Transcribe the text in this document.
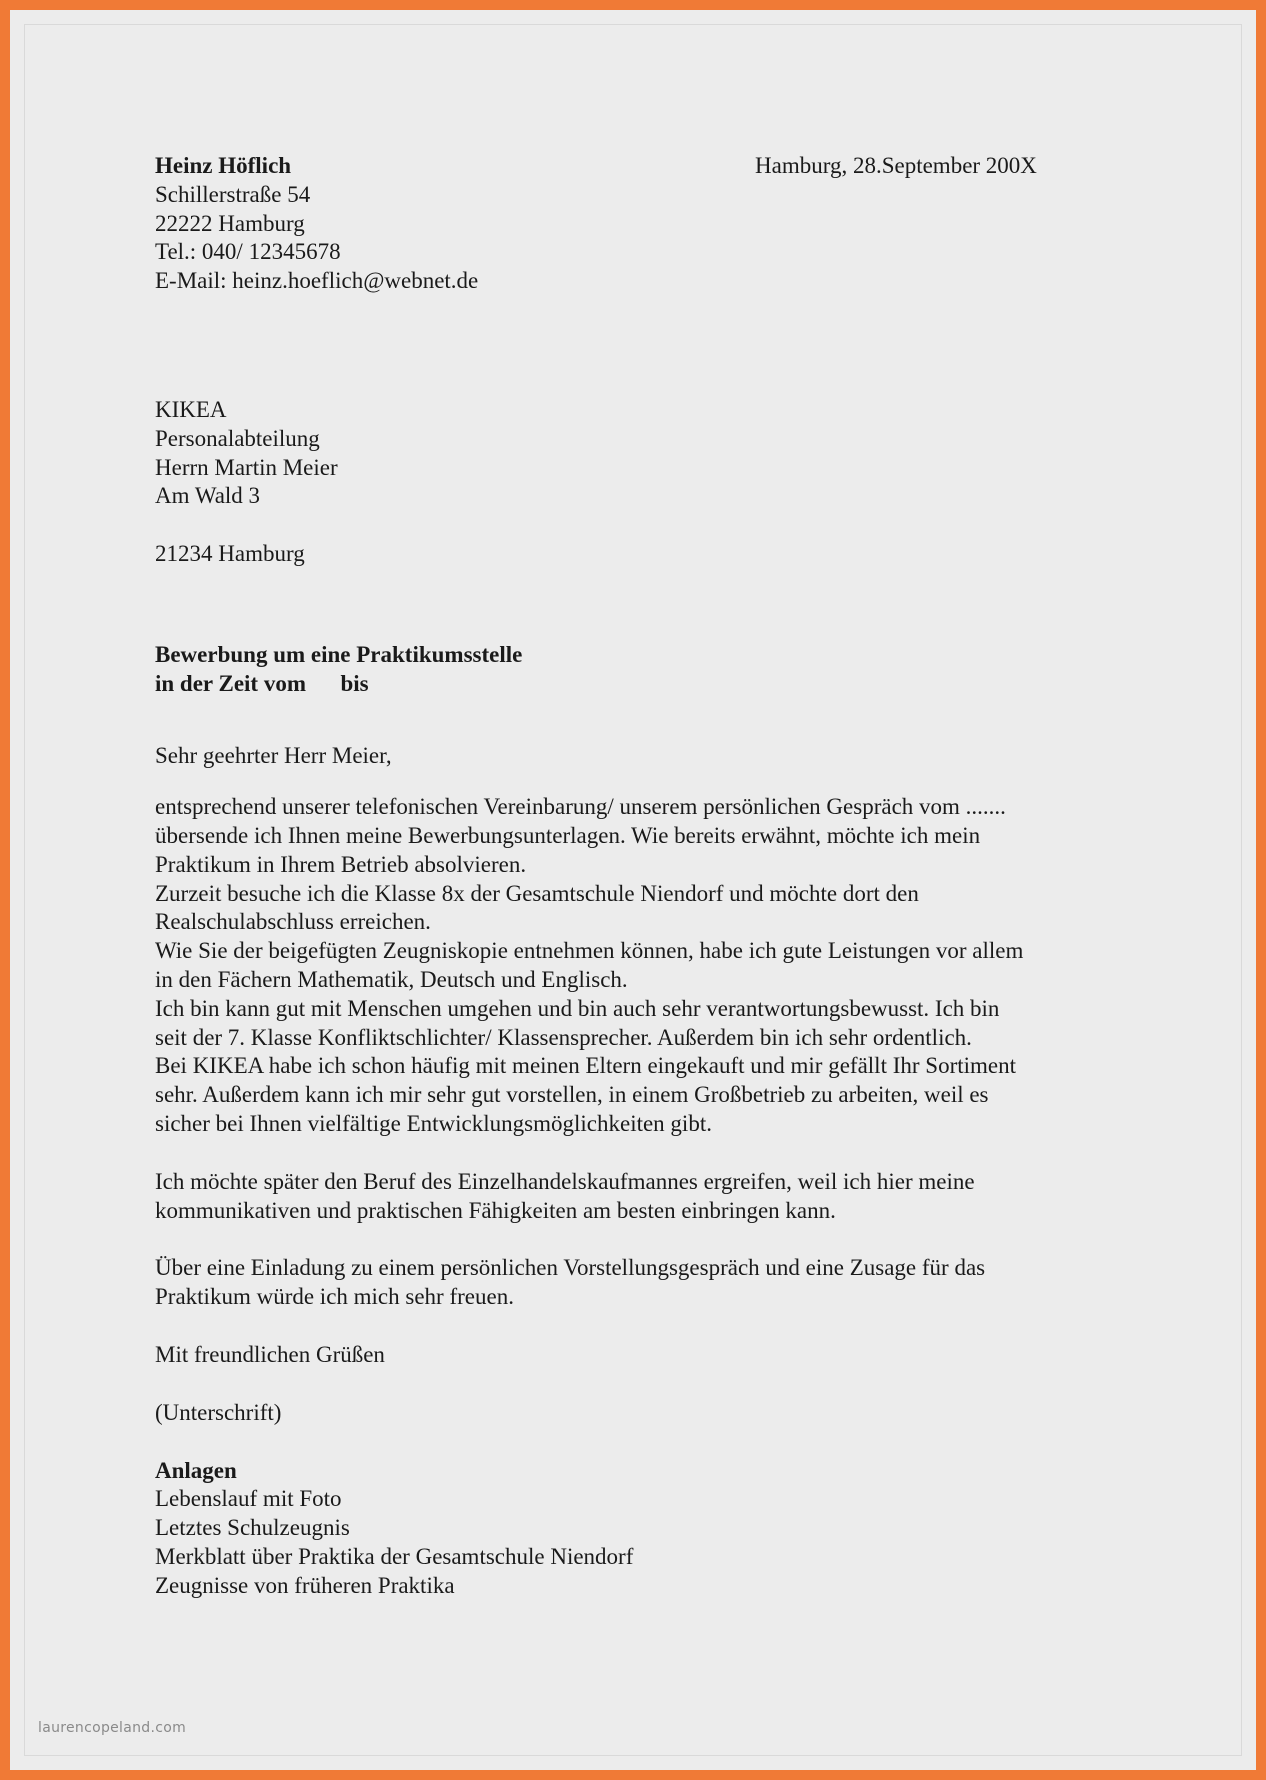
Hamburg, 28.September 200X
Heinz Höflich
Schillerstraße 54
22222 Hamburg
Tel.: 040/ 12345678
E-Mail: heinz.hoeflich@webnet.de
KIKEA
Personalabteilung
Herrn Martin Meier
Am Wald 3
21234 Hamburg
Bewerbung um eine Praktikumsstelle
in der Zeit vom      bis
Sehr geehrter Herr Meier,
entsprechend unserer telefonischen Vereinbarung/ unserem persönlichen Gespräch vom .......
übersende ich Ihnen meine Bewerbungsunterlagen. Wie bereits erwähnt, möchte ich mein
Praktikum in Ihrem Betrieb absolvieren.
Zurzeit besuche ich die Klasse 8x der Gesamtschule Niendorf und möchte dort den
Realschulabschluss erreichen.
Wie Sie der beigefügten Zeugniskopie entnehmen können, habe ich gute Leistungen vor allem
in den Fächern Mathematik, Deutsch und Englisch.
Ich bin kann gut mit Menschen umgehen und bin auch sehr verantwortungsbewusst. Ich bin
seit der 7. Klasse Konfliktschlichter/ Klassensprecher. Außerdem bin ich sehr ordentlich.
Bei KIKEA habe ich schon häufig mit meinen Eltern eingekauft und mir gefällt Ihr Sortiment
sehr. Außerdem kann ich mir sehr gut vorstellen, in einem Großbetrieb zu arbeiten, weil es
sicher bei Ihnen vielfältige Entwicklungsmöglichkeiten gibt.
Ich möchte später den Beruf des Einzelhandelskaufmannes ergreifen, weil ich hier meine
kommunikativen und praktischen Fähigkeiten am besten einbringen kann.
Über eine Einladung zu einem persönlichen Vorstellungsgespräch und eine Zusage für das
Praktikum würde ich mich sehr freuen.
Mit freundlichen Grüßen
(Unterschrift)
Anlagen
Lebenslauf mit Foto
Letztes Schulzeugnis
Merkblatt über Praktika der Gesamtschule Niendorf
Zeugnisse von früheren Praktika
laurencopeland.com
